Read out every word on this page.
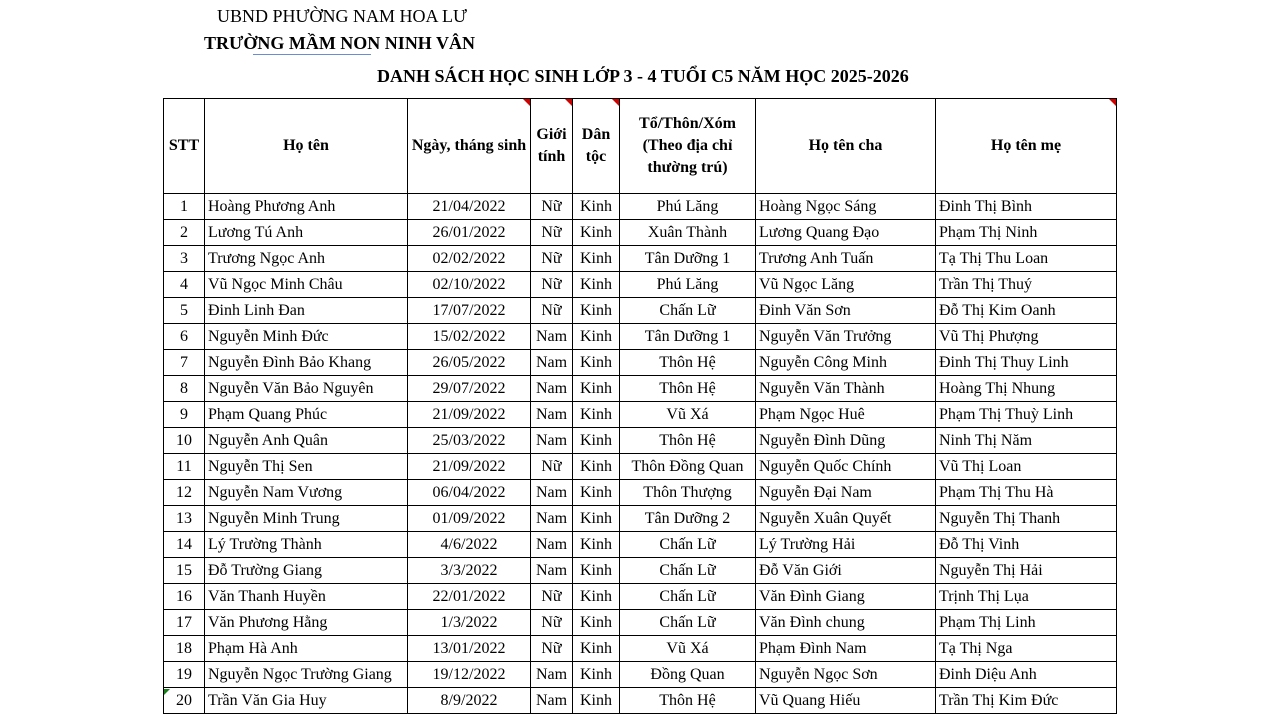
UBND PHƯỜNG NAM HOA LƯ
TRƯỜNG MẦM NON NINH VÂN
DANH SÁCH HỌC SINH LỚP 3 - 4 TUỔI C5 NĂM HỌC 2025-2026
STT	Họ tên	Ngày, tháng sinh	Giới tính	Dân tộc	Tổ/Thôn/Xóm (Theo địa chỉ thường trú)	Họ tên cha	Họ tên mẹ
1	Hoàng Phương Anh	21/04/2022	Nữ	Kinh	Phú Lăng	Hoàng Ngọc Sáng	Đinh Thị Bình
2	Lương Tú Anh	26/01/2022	Nữ	Kinh	Xuân Thành	Lương Quang Đạo	Phạm Thị Ninh
3	Trương Ngọc Anh	02/02/2022	Nữ	Kinh	Tân Dưỡng 1	Trương Anh Tuấn	Tạ Thị Thu Loan
4	Vũ Ngọc Minh Châu	02/10/2022	Nữ	Kinh	Phú Lăng	Vũ Ngọc Lăng	Trần Thị Thuý
5	Đinh Linh Đan	17/07/2022	Nữ	Kinh	Chấn Lữ	Đinh Văn Sơn	Đỗ Thị Kim Oanh
6	Nguyễn Minh Đức	15/02/2022	Nam	Kinh	Tân Dưỡng 1	Nguyễn Văn Trưởng	Vũ Thị Phượng
7	Nguyễn Đình Bảo Khang	26/05/2022	Nam	Kinh	Thôn Hệ	Nguyễn Công Minh	Đinh Thị Thuy Linh
8	Nguyễn Văn Bảo Nguyên	29/07/2022	Nam	Kinh	Thôn Hệ	Nguyễn Văn Thành	Hoàng Thị Nhung
9	Phạm Quang Phúc	21/09/2022	Nam	Kinh	Vũ Xá	Phạm Ngọc Huê	Phạm Thị Thuỳ Linh
10	Nguyễn Anh Quân	25/03/2022	Nam	Kinh	Thôn Hệ	Nguyễn Đình Dũng	Ninh Thị Năm
11	Nguyễn Thị Sen	21/09/2022	Nữ	Kinh	Thôn Đồng Quan	Nguyễn Quốc Chính	Vũ Thị Loan
12	Nguyễn Nam Vương	06/04/2022	Nam	Kinh	Thôn Thượng	Nguyễn Đại Nam	Phạm Thị Thu Hà
13	Nguyễn Minh Trung	01/09/2022	Nam	Kinh	Tân Dưỡng 2	Nguyễn Xuân Quyết	Nguyễn Thị Thanh
14	Lý Trường Thành	4/6/2022	Nam	Kinh	Chấn Lữ	Lý Trường Hải	Đỗ Thị Vinh
15	Đỗ Trường Giang	3/3/2022	Nam	Kinh	Chấn Lữ	Đỗ Văn Giới	Nguyễn Thị Hải
16	Văn Thanh Huyền	22/01/2022	Nữ	Kinh	Chấn Lữ	Văn Đình Giang	Trịnh Thị Lụa
17	Văn Phương Hằng	1/3/2022	Nữ	Kinh	Chấn Lữ	Văn Đình chung	Phạm Thị Linh
18	Phạm Hà Anh	13/01/2022	Nữ	Kinh	Vũ Xá	Phạm Đình Nam	Tạ Thị Nga
19	Nguyễn Ngọc Trường Giang	19/12/2022	Nam	Kinh	Đồng Quan	Nguyễn Ngọc Sơn	Đinh Diệu Anh
20	Trần Văn Gia Huy	8/9/2022	Nam	Kinh	Thôn Hệ	Vũ Quang Hiếu	Trần Thị Kim Đức
